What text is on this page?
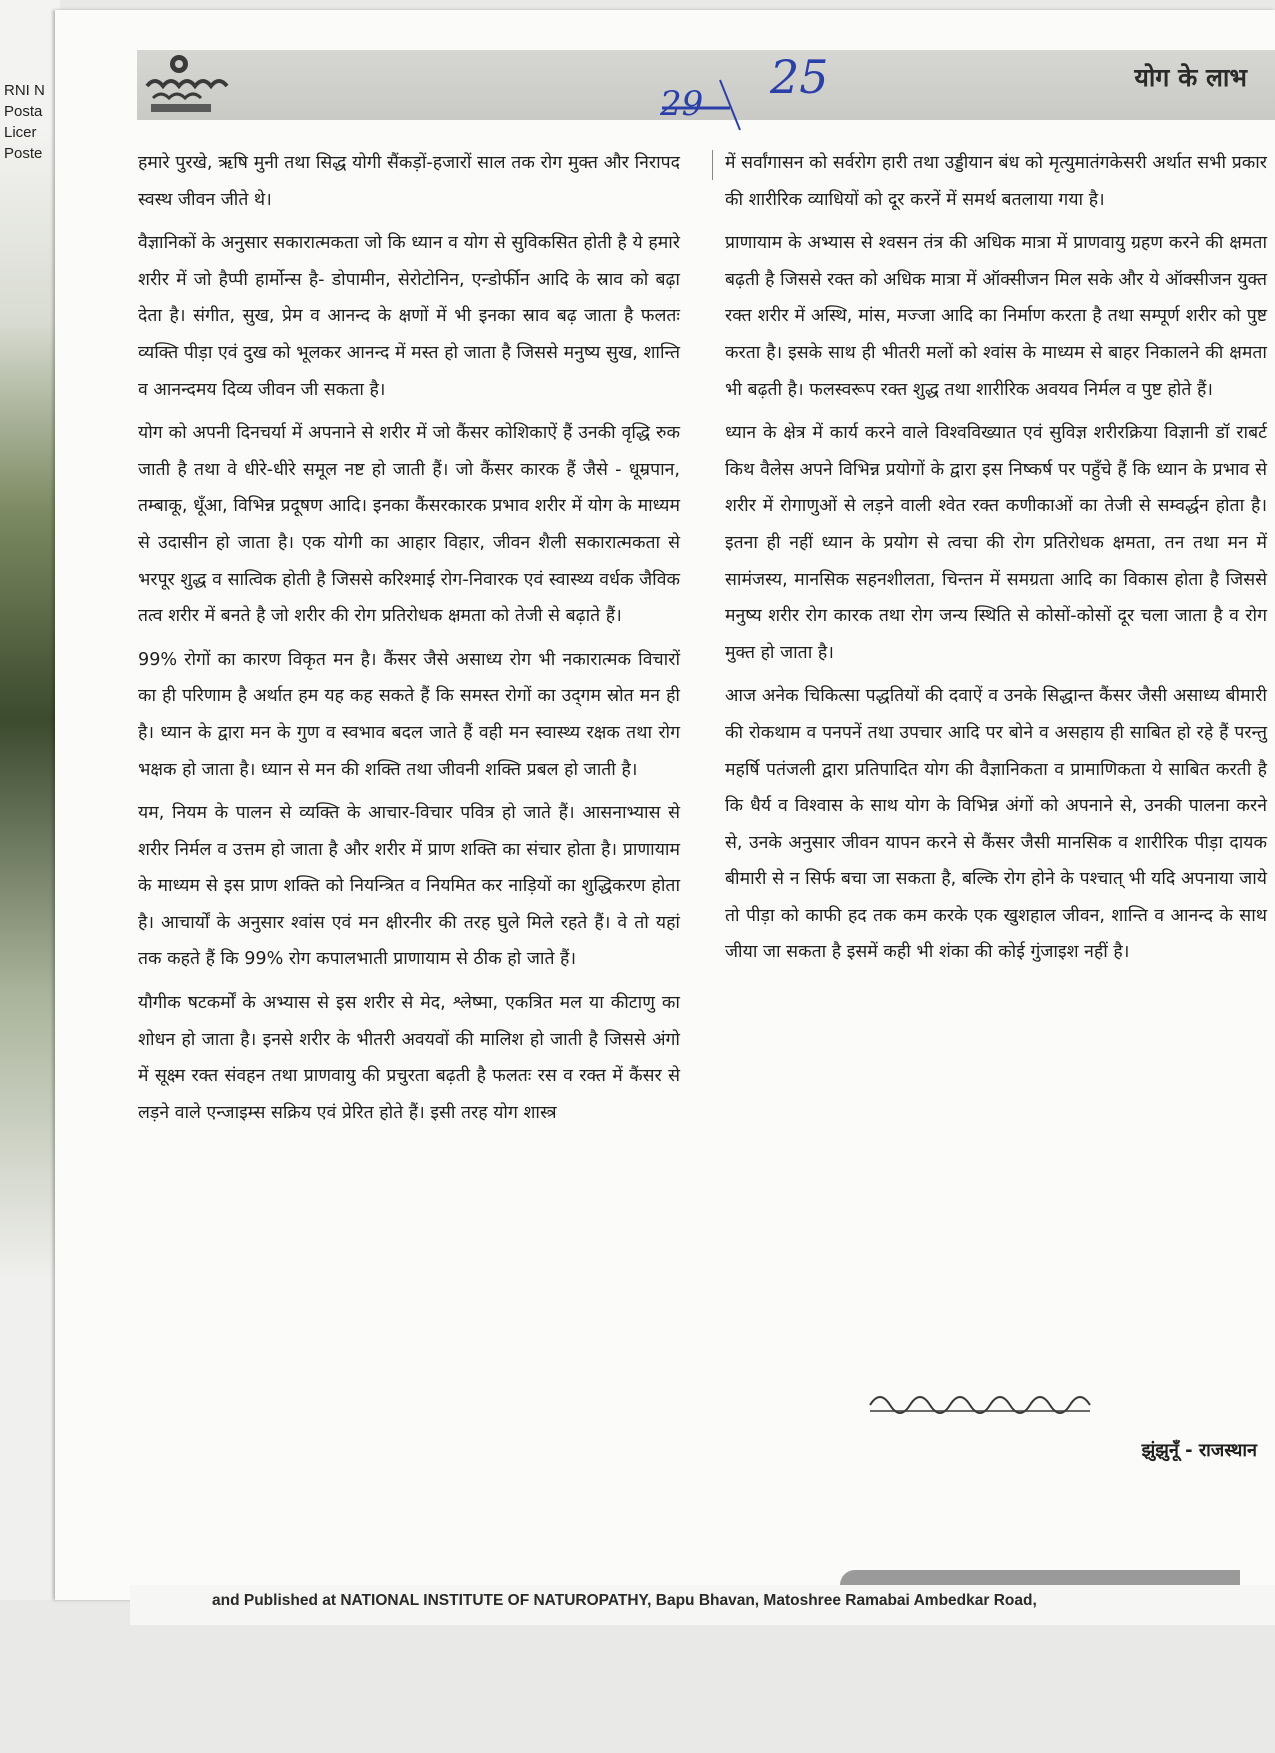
RNI N
Posta
Licer
Poste
29 25	योग के लाभ

हमारे पुरखे, ऋषि मुनी तथा सिद्ध योगी सैंकड़ों-हजारों साल तक रोग मुक्त और निरापद स्वस्थ जीवन जीते थे।

वैज्ञानिकों के अनुसार सकारात्मकता जो कि ध्यान व योग से सुविकसित होती है ये हमारे शरीर में जो हैप्पी हार्मोन्स है- डोपामीन, सेरोटोनिन, एन्डोर्फीन आदि के स्राव को बढ़ा देता है। संगीत, सुख, प्रेम व आनन्द के क्षणों में भी इनका स्राव बढ़ जाता है फलतः व्यक्ति पीड़ा एवं दुख को भूलकर आनन्द में मस्त हो जाता है जिससे मनुष्य सुख, शान्ति व आनन्दमय दिव्य जीवन जी सकता है।

योग को अपनी दिनचर्या में अपनाने से शरीर में जो कैंसर कोशिकाऐं हैं उनकी वृद्धि रुक जाती है तथा वे धीरे-धीरे समूल नष्ट हो जाती हैं। जो कैंसर कारक हैं जैसे - धूम्रपान, तम्बाकू, धूँआ, विभिन्न प्रदूषण आदि। इनका कैंसरकारक प्रभाव शरीर में योग के माध्यम से उदासीन हो जाता है। एक योगी का आहार विहार, जीवन शैली सकारात्मकता से भरपूर शुद्ध व सात्विक होती है जिससे करिश्माई रोग-निवारक एवं स्वास्थ्य वर्धक जैविक तत्व शरीर में बनते है जो शरीर की रोग प्रतिरोधक क्षमता को तेजी से बढ़ाते हैं।

99% रोगों का कारण विकृत मन है। कैंसर जैसे असाध्य रोग भी नकारात्मक विचारों का ही परिणाम है अर्थात हम यह कह सकते हैं कि समस्त रोगों का उद्‌गम स्रोत मन ही है। ध्यान के द्वारा मन के गुण व स्वभाव बदल जाते हैं वही मन स्वास्थ्य रक्षक तथा रोग भक्षक हो जाता है। ध्यान से मन की शक्ति तथा जीवनी शक्ति प्रबल हो जाती है।

यम, नियम के पालन से व्यक्ति के आचार-विचार पवित्र हो जाते हैं। आसनाभ्यास से शरीर निर्मल व उत्तम हो जाता है और शरीर में प्राण शक्ति का संचार होता है। प्राणायाम के माध्यम से इस प्राण शक्ति को नियन्त्रित व नियमित कर नाड़ियों का शुद्धिकरण होता है। आचार्यों के अनुसार श्वांस एवं मन क्षीरनीर की तरह घुले मिले रहते हैं। वे तो यहां तक कहते हैं कि 99% रोग कपालभाती प्राणायाम से ठीक हो जाते हैं।

यौगीक षटकर्मों के अभ्यास से इस शरीर से मेद, श्लेष्मा, एकत्रित मल या कीटाणु का शोधन हो जाता है। इनसे शरीर के भीतरी अवयवों की मालिश हो जाती है जिससे अंगो में सूक्ष्म रक्त संवहन तथा प्राणवायु की प्रचुरता बढ़ती है फलतः रस व रक्त में कैंसर से लड़ने वाले एन्जाइम्स सक्रिय एवं प्रेरित होते हैं। इसी तरह योग शास्त्र

में सर्वांगासन को सर्वरोग हारी तथा उड्डीयान बंध को मृत्युमातंगकेसरी अर्थात सभी प्रकार की शारीरिक व्याधियों को दूर करनें में समर्थ बतलाया गया है।

प्राणायाम के अभ्यास से श्वसन तंत्र की अधिक मात्रा में प्राणवायु ग्रहण करने की क्षमता बढ़ती है जिससे रक्त को अधिक मात्रा में ऑक्सीजन मिल सके और ये ऑक्सीजन युक्त रक्त शरीर में अस्थि, मांस, मज्जा आदि का निर्माण करता है तथा सम्पूर्ण शरीर को पुष्ट करता है। इसके साथ ही भीतरी मलों को श्वांस के माध्यम से बाहर निकालने की क्षमता भी बढ़ती है। फलस्वरूप रक्त शुद्ध तथा शारीरिक अवयव निर्मल व पुष्ट होते हैं।

ध्यान के क्षेत्र में कार्य करने वाले विश्वविख्यात एवं सुविज्ञ शरीरक्रिया विज्ञानी डॉ राबर्ट किथ वैलेस अपने विभिन्न प्रयोगों के द्वारा इस निष्कर्ष पर पहुँचे हैं कि ध्यान के प्रभाव से शरीर में रोगाणुओं से लड़ने वाली श्वेत रक्त कणीकाओं का तेजी से सम्वर्द्धन होता है। इतना ही नहीं ध्यान के प्रयोग से त्वचा की रोग प्रतिरोधक क्षमता, तन तथा मन में सामंजस्य, मानसिक सहनशीलता, चिन्तन में समग्रता आदि का विकास होता है जिससे मनुष्य शरीर रोग कारक तथा रोग जन्य स्थिति से कोसों-कोसों दूर चला जाता है व रोग मुक्त हो जाता है।

आज अनेक चिकित्सा पद्धतियों की दवाऐं व उनके सिद्धान्त कैंसर जैसी असाध्य बीमारी की रोकथाम व पनपनें तथा उपचार आदि पर बोने व असहाय ही साबित हो रहे हैं परन्तु महर्षि पतंजली द्वारा प्रतिपादित योग की वैज्ञानिकता व प्रामाणिकता ये साबित करती है कि धैर्य व विश्वास के साथ योग के विभिन्न अंगों को अपनाने से, उनकी पालना करने से, उनके अनुसार जीवन यापन करने से कैंसर जैसी मानसिक व शारीरिक पीड़ा दायक बीमारी से न सिर्फ बचा जा सकता है, बल्कि रोग होने के पश्चात् भी यदि अपनाया जाये तो पीड़ा को काफी हद तक कम करके एक खुशहाल जीवन, शान्ति व आनन्द के साथ जीया जा सकता है इसमें कही भी शंका की कोई गुंजाइश नहीं है।

झुंझुनूँ - राजस्थान
and Published at NATIONAL INSTITUTE OF NATUROPATHY, Bapu Bhavan, Matoshree Ramabai Ambedkar Road,
